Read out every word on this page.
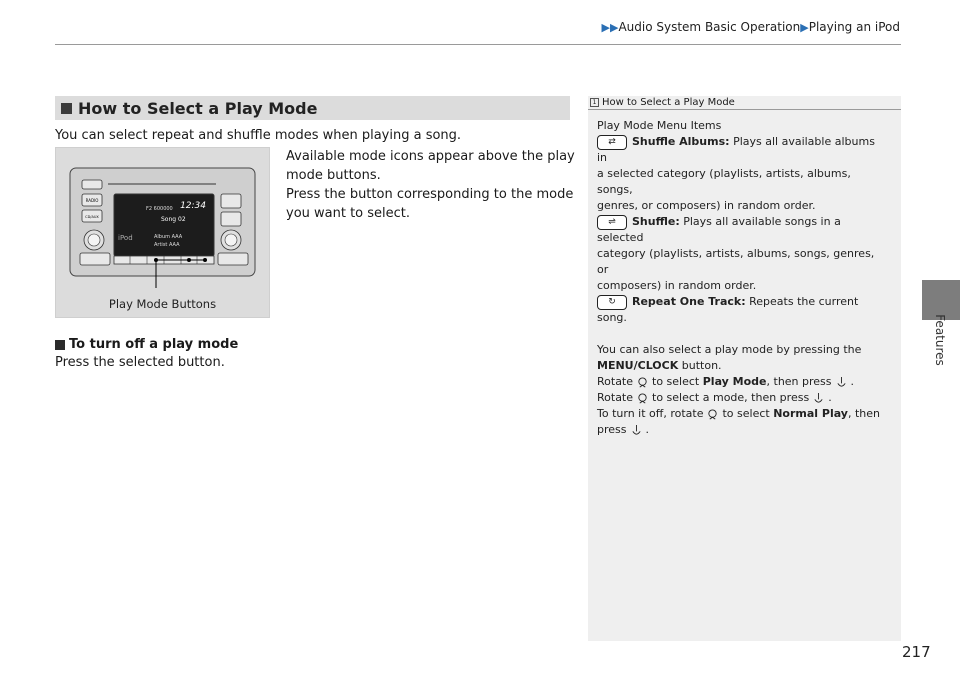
▶▶Audio System Basic Operation▶Playing an iPod
Features
How to Select a Play Mode
You can select repeat and shuffle modes when playing a song.
Available mode icons appear above the play
mode buttons.
Press the button corresponding to the mode
you want to select.
RADIO
CD/AUX
12:34
F2 600000
Song 02
Album AAA
Artist AAA
iPod
Play Mode Buttons
To turn off a play mode
Press the selected button.
1 How to Select a Play Mode
Play Mode Menu Items
⇄ Shuffle Albums: Plays all available albums in
a selected category (playlists, artists, albums, songs,
genres, or composers) in random order.
⇌ Shuffle: Plays all available songs in a selected
category (playlists, artists, albums, songs, genres, or
composers) in random order.
↻ Repeat One Track: Repeats the current
song.
You can also select a play mode by pressing the
MENU/CLOCK button.
Rotate to select Play Mode, then press .
Rotate to select a mode, then press .
To turn it off, rotate to select Normal Play, then
press .
217
